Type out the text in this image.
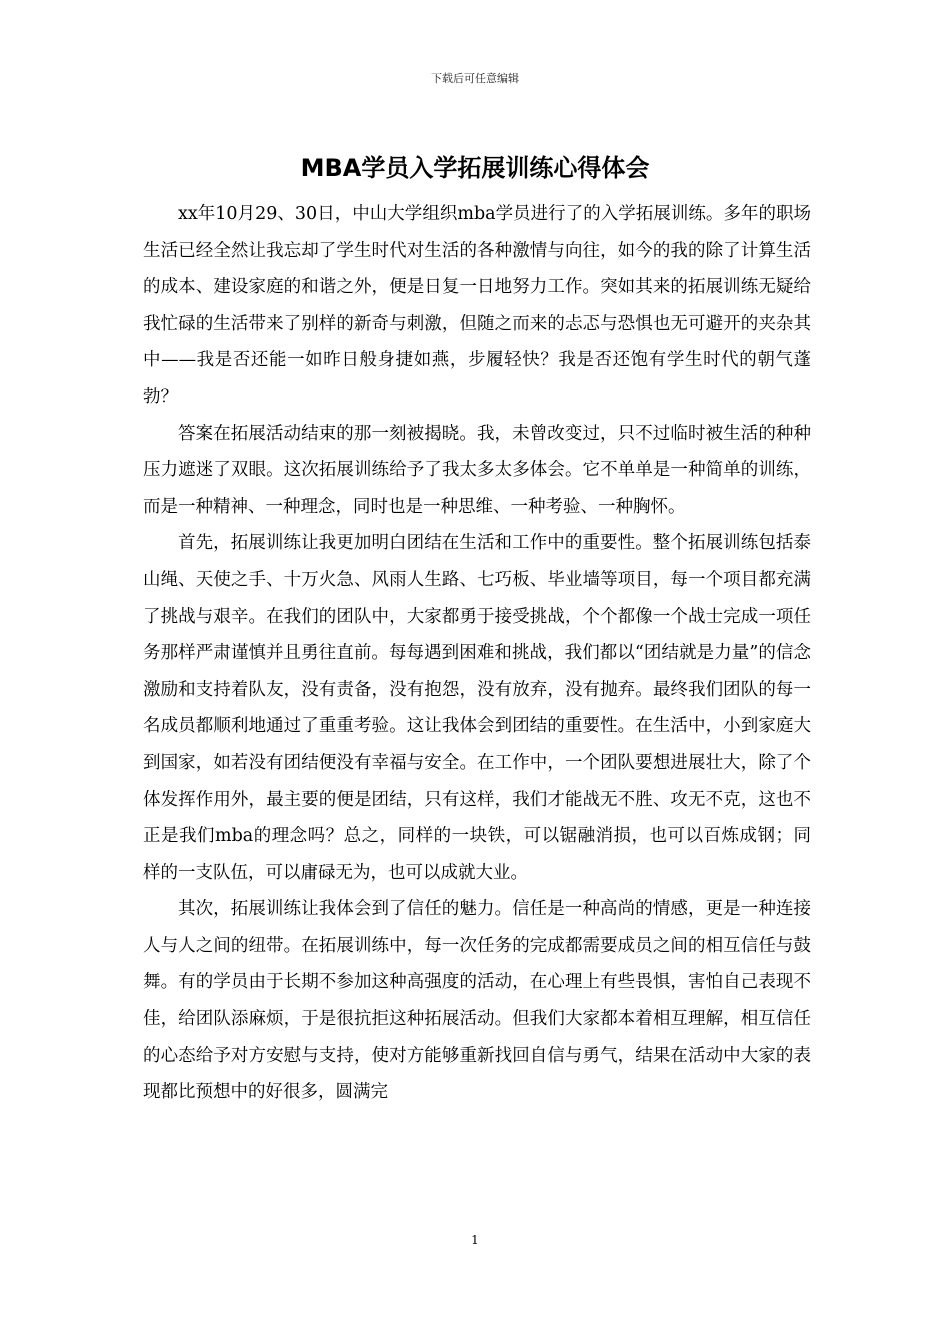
下载后可任意编辑
MBA学员入学拓展训练心得体会

xx年10月29、30日，中山大学组织mba学员进行了的入学拓展训练。多年的职场生活已经全然让我忘却了学生时代对生活的各种激情与向往，如今的我的除了计算生活的成本、建设家庭的和谐之外，便是日复一日地努力工作。突如其来的拓展训练无疑给我忙碌的生活带来了别样的新奇与刺激，但随之而来的忐忑与恐惧也无可避开的夹杂其中——我是否还能一如昨日般身捷如燕，步履轻快？我是否还饱有学生时代的朝气蓬勃？

答案在拓展活动结束的那一刻被揭晓。我，未曾改变过，只不过临时被生活的种种压力遮迷了双眼。这次拓展训练给予了我太多太多体会。它不单单是一种简单的训练，而是一种精神、一种理念，同时也是一种思维、一种考验、一种胸怀。

首先，拓展训练让我更加明白团结在生活和工作中的重要性。整个拓展训练包括泰山绳、天使之手、十万火急、风雨人生路、七巧板、毕业墙等项目，每一个项目都充满了挑战与艰辛。在我们的团队中，大家都勇于接受挑战，个个都像一个战士完成一项任务那样严肃谨慎并且勇往直前。每每遇到困难和挑战，我们都以“团结就是力量”的信念激励和支持着队友，没有责备，没有抱怨，没有放弃，没有抛弃。最终我们团队的每一名成员都顺利地通过了重重考验。这让我体会到团结的重要性。在生活中，小到家庭大到国家，如若没有团结便没有幸福与安全。在工作中，一个团队要想进展壮大，除了个体发挥作用外，最主要的便是团结，只有这样，我们才能战无不胜、攻无不克，这也不正是我们mba的理念吗？总之，同样的一块铁，可以锯融消损，也可以百炼成钢；同样的一支队伍，可以庸碌无为，也可以成就大业。

其次，拓展训练让我体会到了信任的魅力。信任是一种高尚的情感，更是一种连接人与人之间的纽带。在拓展训练中，每一次任务的完成都需要成员之间的相互信任与鼓舞。有的学员由于长期不参加这种高强度的活动，在心理上有些畏惧，害怕自己表现不佳，给团队添麻烦，于是很抗拒这种拓展活动。但我们大家都本着相互理解，相互信任的心态给予对方安慰与支持，使对方能够重新找回自信与勇气，结果在活动中大家的表现都比预想中的好很多，圆满完

1
